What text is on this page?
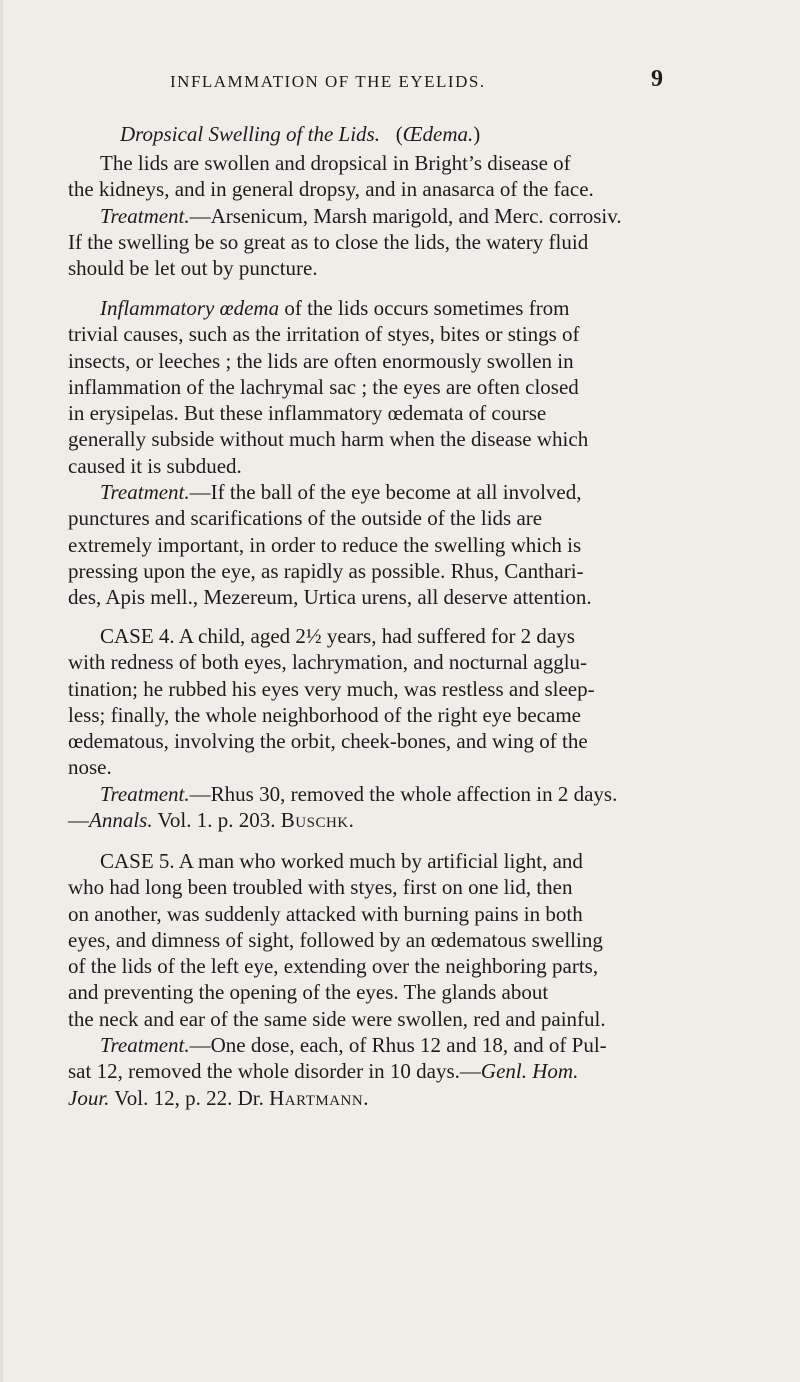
INFLAMMATION OF THE EYELIDS.	9
Dropsical Swelling of the Lids. (Œdema.)

The lids are swollen and dropsical in Bright’s disease of

the kidneys, and in general dropsy, and in anasarca of the face.

Treatment.—Arsenicum, Marsh marigold, and Merc. corrosiv.

If the swelling be so great as to close the lids, the watery fluid

should be let out by puncture.

Inflammatory œdema of the lids occurs sometimes from

trivial causes, such as the irritation of styes, bites or stings of

insects, or leeches ; the lids are often enormously swollen in

inflammation of the lachrymal sac ; the eyes are often closed

in erysipelas. But these inflammatory œdemata of course

generally subside without much harm when the disease which

caused it is subdued.

Treatment.—If the ball of the eye become at all involved,

punctures and scarifications of the outside of the lids are

extremely important, in order to reduce the swelling which is

pressing upon the eye, as rapidly as possible. Rhus, Canthari-

des, Apis mell., Mezereum, Urtica urens, all deserve attention.

CASE 4. A child, aged 2½ years, had suffered for 2 days

with redness of both eyes, lachrymation, and nocturnal agglu-

tination; he rubbed his eyes very much, was restless and sleep-

less; finally, the whole neighborhood of the right eye became

œdematous, involving the orbit, cheek-bones, and wing of the

nose.

Treatment.—Rhus 30, removed the whole affection in 2 days.

—Annals. Vol. 1. p. 203. Buschk.

CASE 5. A man who worked much by artificial light, and

who had long been troubled with styes, first on one lid, then

on another, was suddenly attacked with burning pains in both

eyes, and dimness of sight, followed by an œdematous swelling

of the lids of the left eye, extending over the neighboring parts,

and preventing the opening of the eyes. The glands about

the neck and ear of the same side were swollen, red and painful.

Treatment.—One dose, each, of Rhus 12 and 18, and of Pul-

sat 12, removed the whole disorder in 10 days.—Genl. Hom.

Jour. Vol. 12, p. 22. Dr. Hartmann.
